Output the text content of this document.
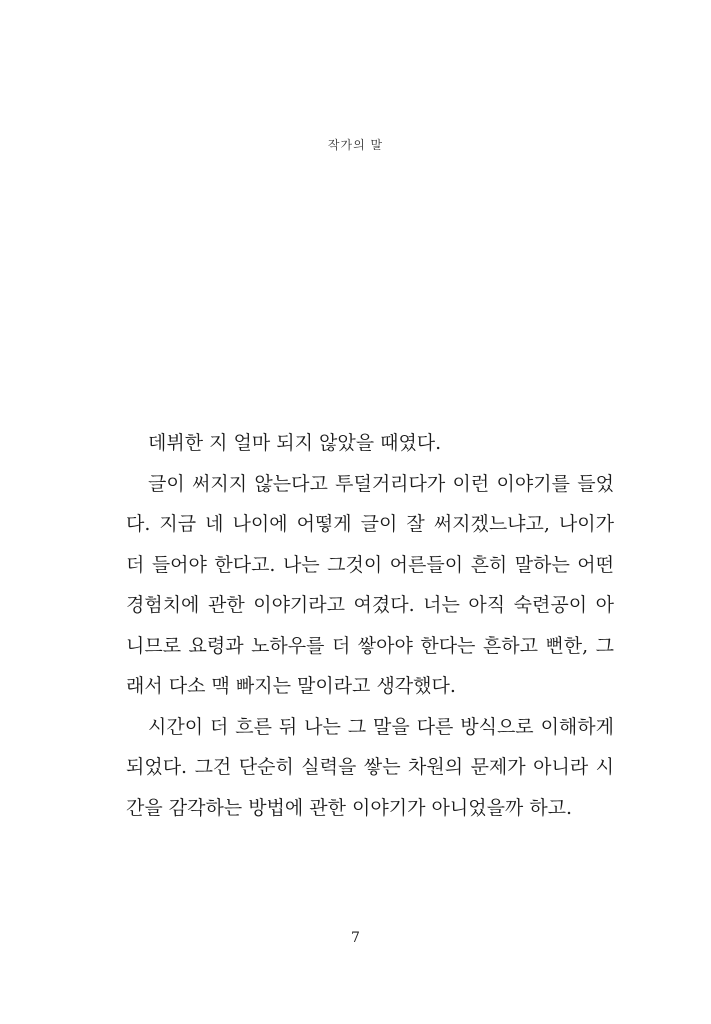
작가의 말
데뷔한 지 얼마 되지 않았을 때였다.
글이 써지지 않는다고 투덜거리다가 이런 이야기를 들었
다. 지금 네 나이에 어떻게 글이 잘 써지겠느냐고, 나이가
더 들어야 한다고. 나는 그것이 어른들이 흔히 말하는 어떤
경험치에 관한 이야기라고 여겼다. 너는 아직 숙련공이 아
니므로 요령과 노하우를 더 쌓아야 한다는 흔하고 뻔한, 그
래서 다소 맥 빠지는 말이라고 생각했다.
시간이 더 흐른 뒤 나는 그 말을 다른 방식으로 이해하게
되었다. 그건 단순히 실력을 쌓는 차원의 문제가 아니라 시
간을 감각하는 방법에 관한 이야기가 아니었을까 하고.
7
